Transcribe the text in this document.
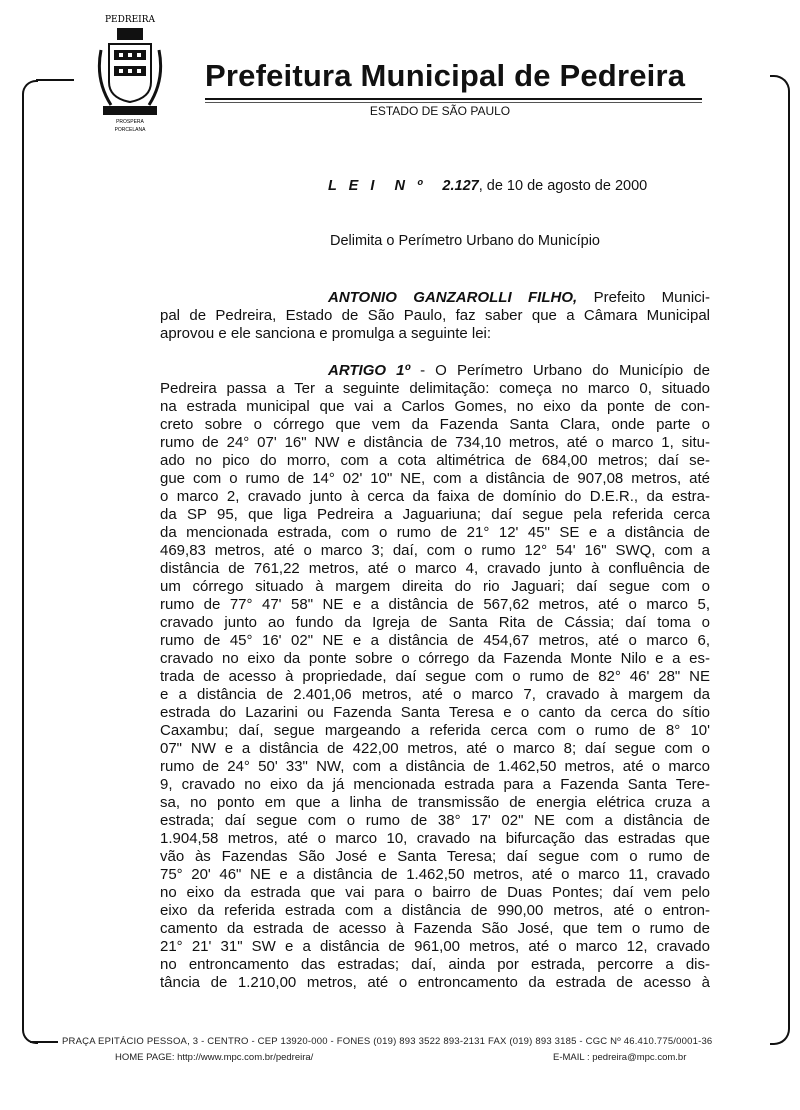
PEDREIRA
PROSPERA
PORCELANA
Prefeitura Municipal de Pedreira
ESTADO DE SÃO PAULO
L E I N º 2.127, de 10 de agosto de 2000
Delimita o Perímetro Urbano do Município
ANTONIO GANZAROLLI FILHO, Prefeito Munici-
pal de Pedreira, Estado de São Paulo, faz saber que a Câmara Municipal
aprovou e ele sanciona e promulga a seguinte lei:
ARTIGO 1º - O Perímetro Urbano do Município de
Pedreira passa a Ter a seguinte delimitação: começa no marco 0, situado
na estrada municipal que vai a Carlos Gomes, no eixo da ponte de con-
creto sobre o córrego que vem da Fazenda Santa Clara, onde parte o
rumo de 24° 07' 16" NW e distância de 734,10 metros, até o marco 1, situ-
ado no pico do morro, com a cota altimétrica de 684,00 metros; daí se-
gue com o rumo de 14° 02' 10" NE, com a distância de 907,08 metros, até
o marco 2, cravado junto à cerca da faixa de domínio do D.E.R., da estra-
da SP 95, que liga Pedreira a Jaguariuna; daí segue pela referida cerca
da mencionada estrada, com o rumo de 21° 12' 45" SE e a distância de
469,83 metros, até o marco 3; daí, com o rumo 12° 54' 16" SWQ, com a
distância de 761,22 metros, até o marco 4, cravado junto à confluência de
um córrego situado à margem direita do rio Jaguari; daí segue com o
rumo de 77° 47' 58" NE e a distância de 567,62 metros, até o marco 5,
cravado junto ao fundo da Igreja de Santa Rita de Cássia; daí toma o
rumo de 45° 16' 02" NE e a distância de 454,67 metros, até o marco 6,
cravado no eixo da ponte sobre o córrego da Fazenda Monte Nilo e a es-
trada de acesso à propriedade, daí segue com o rumo de 82° 46' 28" NE
e a distância de 2.401,06 metros, até o marco 7, cravado à margem da
estrada do Lazarini ou Fazenda Santa Teresa e o canto da cerca do sítio
Caxambu; daí, segue margeando a referida cerca com o rumo de 8° 10'
07" NW e a distância de 422,00 metros, até o marco 8; daí segue com o
rumo de 24° 50' 33" NW, com a distância de 1.462,50 metros, até o marco
9, cravado no eixo da já mencionada estrada para a Fazenda Santa Tere-
sa, no ponto em que a linha de transmissão de energia elétrica cruza a
estrada; daí segue com o rumo de 38° 17' 02" NE com a distância de
1.904,58 metros, até o marco 10, cravado na bifurcação das estradas que
vão às Fazendas São José e Santa Teresa; daí segue com o rumo de
75° 20' 46" NE e a distância de 1.462,50 metros, até o marco 11, cravado
no eixo da estrada que vai para o bairro de Duas Pontes; daí vem pelo
eixo da referida estrada com a distância de 990,00 metros, até o entron-
camento da estrada de acesso à Fazenda São José, que tem o rumo de
21° 21' 31" SW e a distância de 961,00 metros, até o marco 12, cravado
no entroncamento das estradas; daí, ainda por estrada, percorre a dis-
tância de 1.210,00 metros, até o entroncamento da estrada de acesso à
PRAÇA EPITÁCIO PESSOA, 3 - CENTRO - CEP 13920-000 - FONES (019) 893 3522 893-2131 FAX (019) 893 3185 - CGC Nº 46.410.775/0001-36
HOME PAGE: http://www.mpc.com.br/pedreira/	E-MAIL : pedreira@mpc.com.br
